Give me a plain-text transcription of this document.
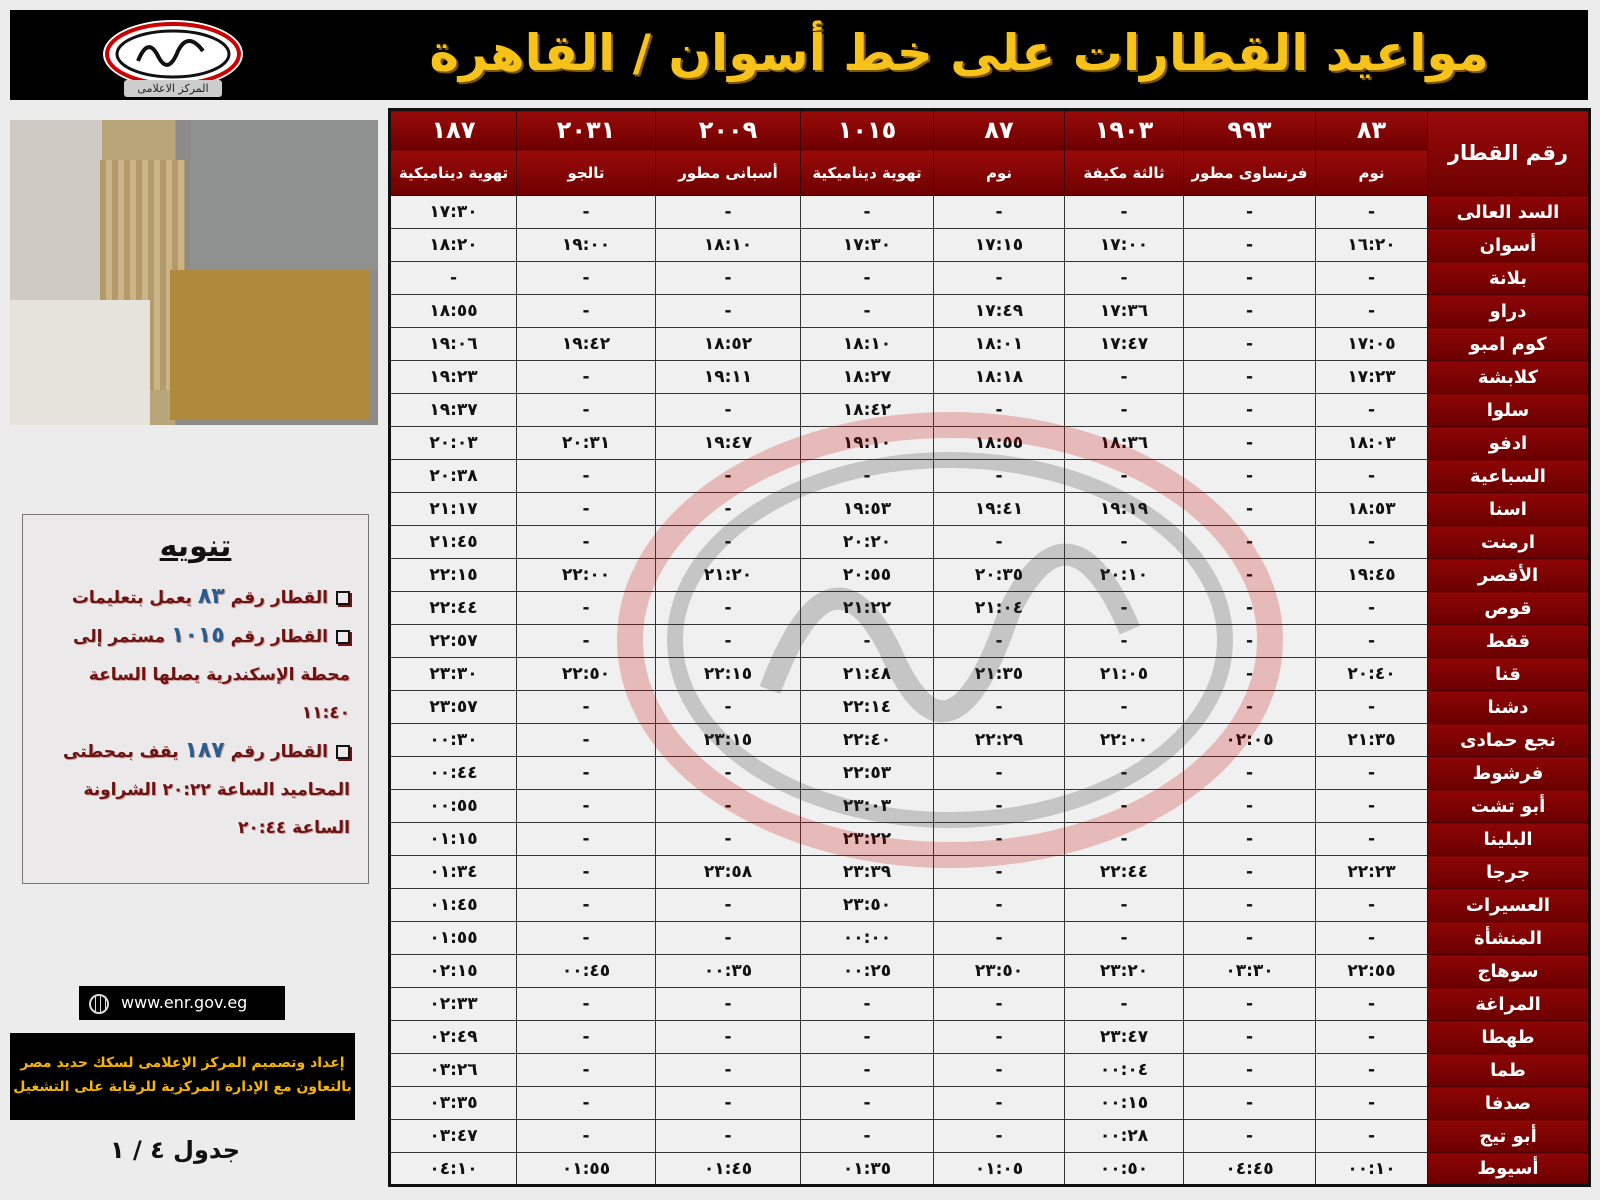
المركز الاعلامى
مواعيد القطارات على خط أسوان / القاهرة
تنويه
القطار رقم ٨٣ يعمل بتعليمات
القطار رقم ١٠١٥ مستمر إلى محطة الإسكندرية يصلها الساعة ١١:٤٠
القطار رقم ١٨٧ يقف بمحطتى المحاميد الساعة ٢٠:٢٢ الشراونة الساعة ٢٠:٤٤
www.enr.gov.eg
إعداد وتصميم المركز الإعلامى لسكك حديد مصر
بالتعاون مع الإدارة المركزية للرقابة على التشغيل
جدول ٤ / ١
رقم القطار	٨٣	٩٩٣	١٩٠٣	٨٧	١٠١٥	٢٠٠٩	٢٠٣١	١٨٧
	نوم	فرنساوى مطور	ثالثة مكيفة	نوم	تهوية ديناميكية	أسبانى مطور	تالجو	تهوية ديناميكية
السد العالى	-	-	-	-	-	-	-	١٧:٣٠
أسوان	١٦:٢٠	-	١٧:٠٠	١٧:١٥	١٧:٣٠	١٨:١٠	١٩:٠٠	١٨:٢٠
بلانة	-	-	-	-	-	-	-	-
دراو	-	-	١٧:٣٦	١٧:٤٩	-	-	-	١٨:٥٥
كوم امبو	١٧:٠٥	-	١٧:٤٧	١٨:٠١	١٨:١٠	١٨:٥٢	١٩:٤٢	١٩:٠٦
كلابشة	١٧:٢٣	-	-	١٨:١٨	١٨:٢٧	١٩:١١	-	١٩:٢٣
سلوا	-	-	-	-	١٨:٤٢	-	-	١٩:٣٧
ادفو	١٨:٠٣	-	١٨:٣٦	١٨:٥٥	١٩:١٠	١٩:٤٧	٢٠:٣١	٢٠:٠٣
السباعية	-	-	-	-	-	-	-	٢٠:٣٨
اسنا	١٨:٥٣	-	١٩:١٩	١٩:٤١	١٩:٥٣	-	-	٢١:١٧
ارمنت	-	-	-	-	٢٠:٢٠	-	-	٢١:٤٥
الأقصر	١٩:٤٥	-	٢٠:١٠	٢٠:٣٥	٢٠:٥٥	٢١:٢٠	٢٢:٠٠	٢٢:١٥
قوص	-	-	-	٢١:٠٤	٢١:٢٢	-	-	٢٢:٤٤
قفط	-	-	-	-	-	-	-	٢٢:٥٧
قنا	٢٠:٤٠	-	٢١:٠٥	٢١:٣٥	٢١:٤٨	٢٢:١٥	٢٢:٥٠	٢٣:٣٠
دشنا	-	-	-	-	٢٢:١٤	-	-	٢٣:٥٧
نجع حمادى	٢١:٣٥	٠٢:٠٥	٢٢:٠٠	٢٢:٢٩	٢٢:٤٠	٢٣:١٥	-	٠٠:٣٠
فرشوط	-	-	-	-	٢٢:٥٣	-	-	٠٠:٤٤
أبو تشت	-	-	-	-	٢٣:٠٣	-	-	٠٠:٥٥
البلينا	-	-	-	-	٢٣:٢٢	-	-	٠١:١٥
جرجا	٢٢:٢٣	-	٢٢:٤٤	-	٢٣:٣٩	٢٣:٥٨	-	٠١:٣٤
العسيرات	-	-	-	-	٢٣:٥٠	-	-	٠١:٤٥
المنشأة	-	-	-	-	٠٠:٠٠	-	-	٠١:٥٥
سوهاج	٢٢:٥٥	٠٣:٣٠	٢٣:٢٠	٢٣:٥٠	٠٠:٢٥	٠٠:٣٥	٠٠:٤٥	٠٢:١٥
المراغة	-	-	-	-	-	-	-	٠٢:٣٣
طهطا	-	-	٢٣:٤٧	-	-	-	-	٠٢:٤٩
طما	-	-	٠٠:٠٤	-	-	-	-	٠٣:٢٦
صدفا	-	-	٠٠:١٥	-	-	-	-	٠٣:٣٥
أبو تيج	-	-	٠٠:٢٨	-	-	-	-	٠٣:٤٧
أسيوط	٠٠:١٠	٠٤:٤٥	٠٠:٥٠	٠١:٠٥	٠١:٣٥	٠١:٤٥	٠١:٥٥	٠٤:١٠
